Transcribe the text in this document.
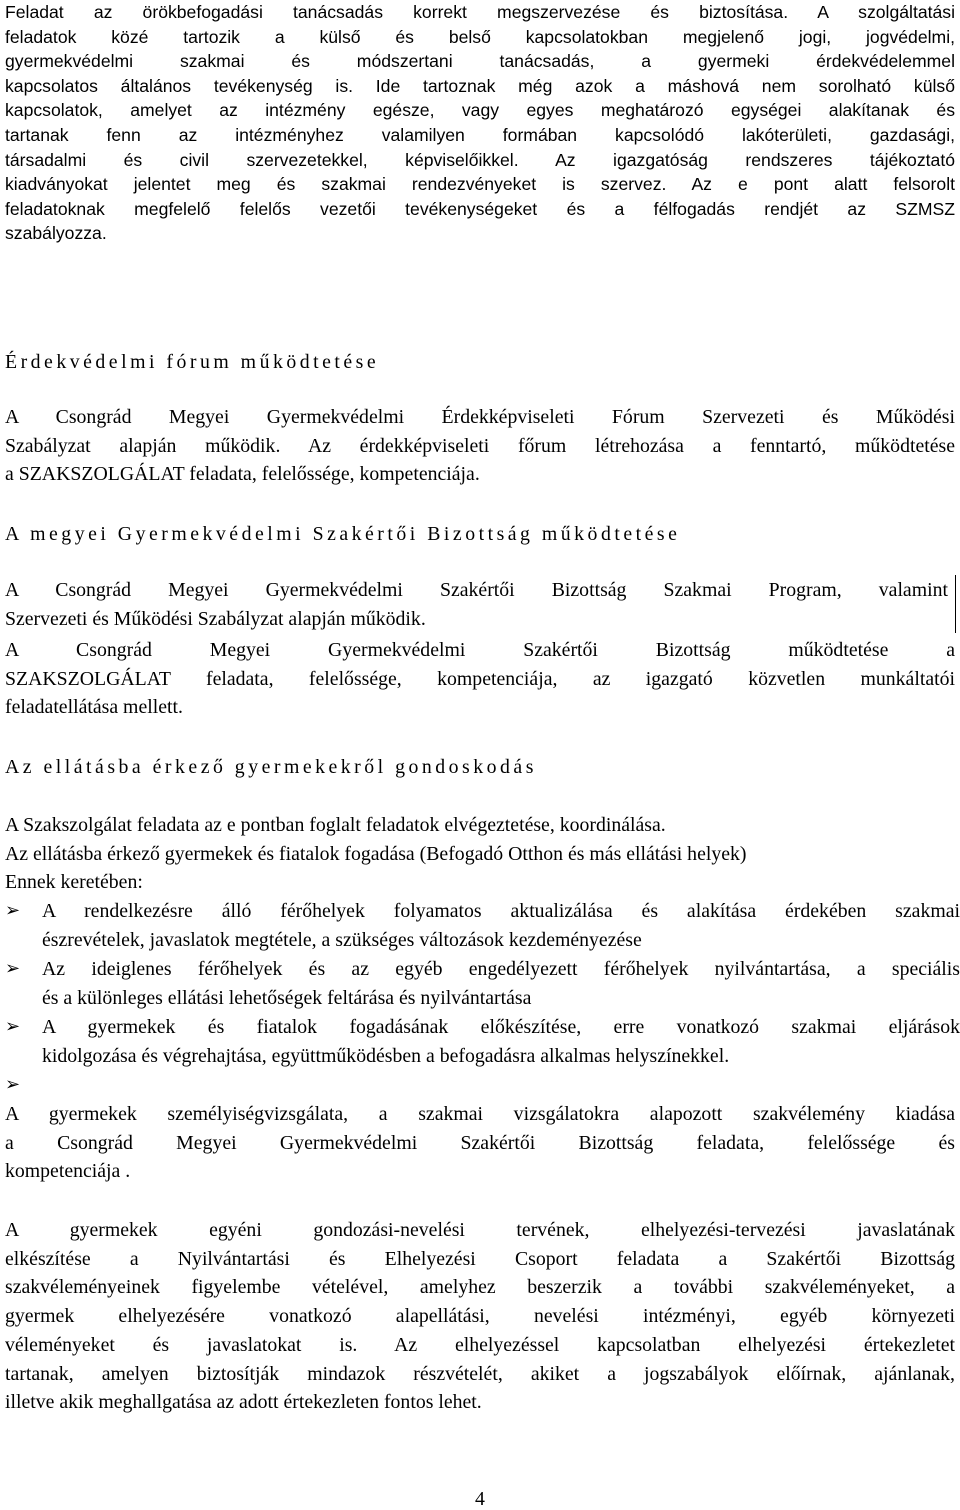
Feladat az örökbefogadási tanácsadás korrekt megszervezése és biztosítása. A szolgáltatási
feladatok közé tartozik a külső és belső kapcsolatokban megjelenő jogi, jogvédelmi,
gyermekvédelmi szakmai és módszertani tanácsadás, a gyermeki érdekvédelemmel
kapcsolatos általános tevékenység is. Ide tartoznak még azok a máshová nem sorolható külső
kapcsolatok, amelyet az intézmény egésze, vagy egyes meghatározó egységei alakítanak és
tartanak fenn az intézményhez valamilyen formában kapcsolódó lakóterületi, gazdasági,
társadalmi és civil szervezetekkel, képviselőikkel. Az igazgatóság rendszeres tájékoztató
kiadványokat jelentet meg és szakmai rendezvényeket is szervez. Az e pont alatt felsorolt
feladatoknak megfelelő felelős vezetői tevékenységeket és a félfogadás rendjét az SZMSZ
szabályozza.
Érdekvédelmi fórum működtetése
A Csongrád Megyei Gyermekvédelmi Érdekképviseleti Fórum Szervezeti és Működési
Szabályzat alapján működik. Az érdekképviseleti főrum létrehozása a fenntartó, működtetése
a SZAKSZOLGÁLAT feladata, felelőssége, kompetenciája.
A megyei Gyermekvédelmi Szakértői Bizottság működtetése
A Csongrád Megyei Gyermekvédelmi Szakértői Bizottság Szakmai Program, valamint
Szervezeti és Működési Szabályzat alapján működik.
A Csongrád Megyei Gyermekvédelmi Szakértői Bizottság működtetése a
SZAKSZOLGÁLAT feladata, felelőssége, kompetenciája, az igazgató közvetlen munkáltatói
feladatellátása mellett.
Az ellátásba érkező gyermekekről gondoskodás
A Szakszolgálat feladata az e pontban foglalt feladatok elvégeztetése, koordinálása.
Az ellátásba érkező gyermekek és fiatalok fogadása (Befogadó Otthon és más ellátási helyek)
Ennek keretében:
➢ A rendelkezésre álló férőhelyek folyamatos aktualizálása és alakítása érdekében szakmai
észrevételek, javaslatok megtétele, a szükséges változások kezdeményezése
➢ Az ideiglenes férőhelyek és az egyéb engedélyezett férőhelyek nyilvántartása, a speciális
és a különleges ellátási lehetőségek feltárása és nyilvántartása
➢ A gyermekek és fiatalok fogadásának előkészítése, erre vonatkozó szakmai eljárások
kidolgozása és végrehajtása, együttműködésben a befogadásra alkalmas helyszínekkel.
➢
A gyermekek személyiségvizsgálata, a szakmai vizsgálatokra alapozott szakvélemény kiadása
a Csongrád Megyei Gyermekvédelmi Szakértői Bizottság feladata, felelőssége és
kompetenciája .
A gyermekek egyéni gondozási-nevelési tervének, elhelyezési-tervezési javaslatának
elkészítése a Nyilvántartási és Elhelyezési Csoport feladata a Szakértői Bizottság
szakvéleményeinek figyelembe vételével, amelyhez beszerzik a további szakvéleményeket, a
gyermek elhelyezésére vonatkozó alapellátási, nevelési intézményi, egyéb környezeti
véleményeket és javaslatokat is. Az elhelyezéssel kapcsolatban elhelyezési értekezletet
tartanak, amelyen biztosítják mindazok részvételét, akiket a jogszabályok előírnak, ajánlanak,
illetve akik meghallgatása az adott értekezleten fontos lehet.
4
